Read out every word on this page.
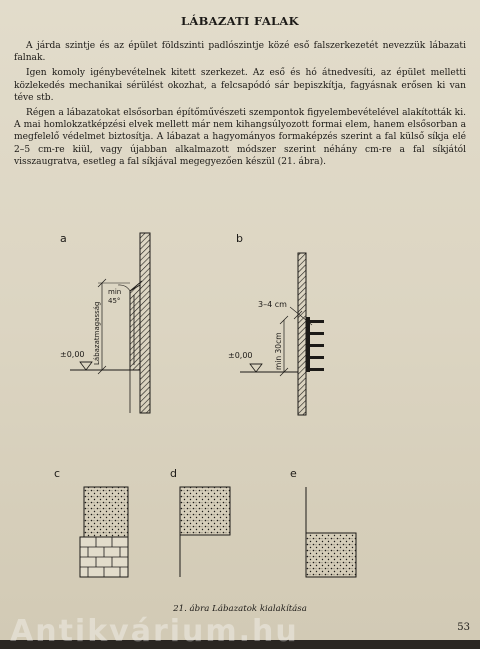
LÁBAZATI FALAK

A járda szintje és az épület földszinti padlószintje közé eső falszerkezetét nevezzük lábazati falnak.

Igen komoly igénybevételnek kitett szerkezet. Az eső és hó átnedvesíti, az épület melletti közlekedés mechanikai sérülést okozhat, a felcsapódó sár bepiszkítja, fagyásnak erősen ki van téve stb.

Régen a lábazatokat elsősorban építőművészeti szempontok figyelembevételével alakították ki. A mai homlokzatképzési elvek mellett már nem kihangsúlyozott formai elem, hanem elsősorban a megfelelő védelmet biztosítja. A lábazat a hagyományos formaképzés szerint a fal külső síkja elé 2–5 cm-re kiül, vagy újabban alkalmazott módszer szerint néhány cm-re a fal síkjától visszaugratva, esetleg a fal síkjával megegyezően készül (21. ábra).

a
Lábazatmagasság
min
45°
±0,00
b
3–4 cm
min 30cm
±0,00
c	d	e
21. ábra Lábazatok kialakítása
Antikvárium.hu	53
